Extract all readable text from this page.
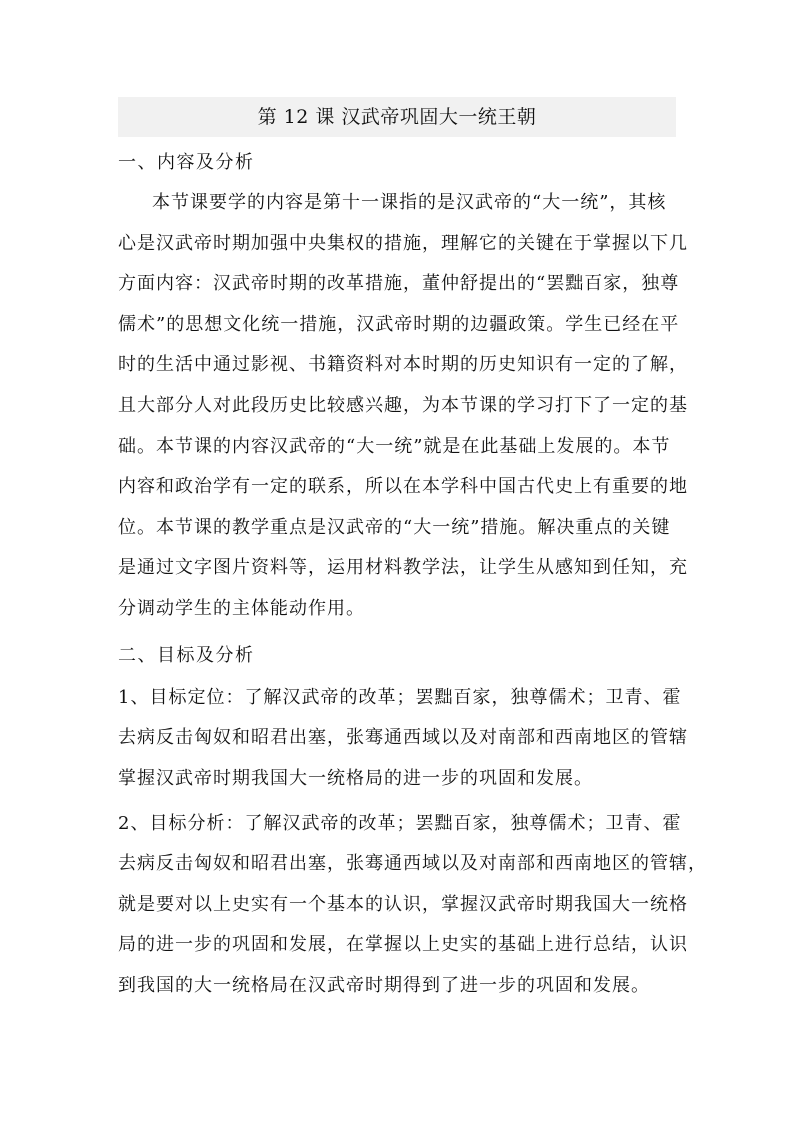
第 12 课 汉武帝巩固大一统王朝
一、内容及分析
本节课要学的内容是第十一课指的是汉武帝的“大一统”，其核
心是汉武帝时期加强中央集权的措施，理解它的关键在于掌握以下几
方面内容：汉武帝时期的改革措施，董仲舒提出的“罢黜百家，独尊
儒术”的思想文化统一措施，汉武帝时期的边疆政策。学生已经在平
时的生活中通过影视、书籍资料对本时期的历史知识有一定的了解，
且大部分人对此段历史比较感兴趣，为本节课的学习打下了一定的基
础。本节课的内容汉武帝的“大一统”就是在此基础上发展的。本节
内容和政治学有一定的联系，所以在本学科中国古代史上有重要的地
位。本节课的教学重点是汉武帝的“大一统”措施。解决重点的关键
是通过文字图片资料等，运用材料教学法，让学生从感知到任知，充
分调动学生的主体能动作用。
二、目标及分析
1、目标定位：了解汉武帝的改革；罢黜百家，独尊儒术；卫青、霍
去病反击匈奴和昭君出塞，张骞通西域以及对南部和西南地区的管辖
掌握汉武帝时期我国大一统格局的进一步的巩固和发展。
2、目标分析：了解汉武帝的改革；罢黜百家，独尊儒术；卫青、霍
去病反击匈奴和昭君出塞，张骞通西域以及对南部和西南地区的管辖，
就是要对以上史实有一个基本的认识，掌握汉武帝时期我国大一统格
局的进一步的巩固和发展，在掌握以上史实的基础上进行总结，认识
到我国的大一统格局在汉武帝时期得到了进一步的巩固和发展。
